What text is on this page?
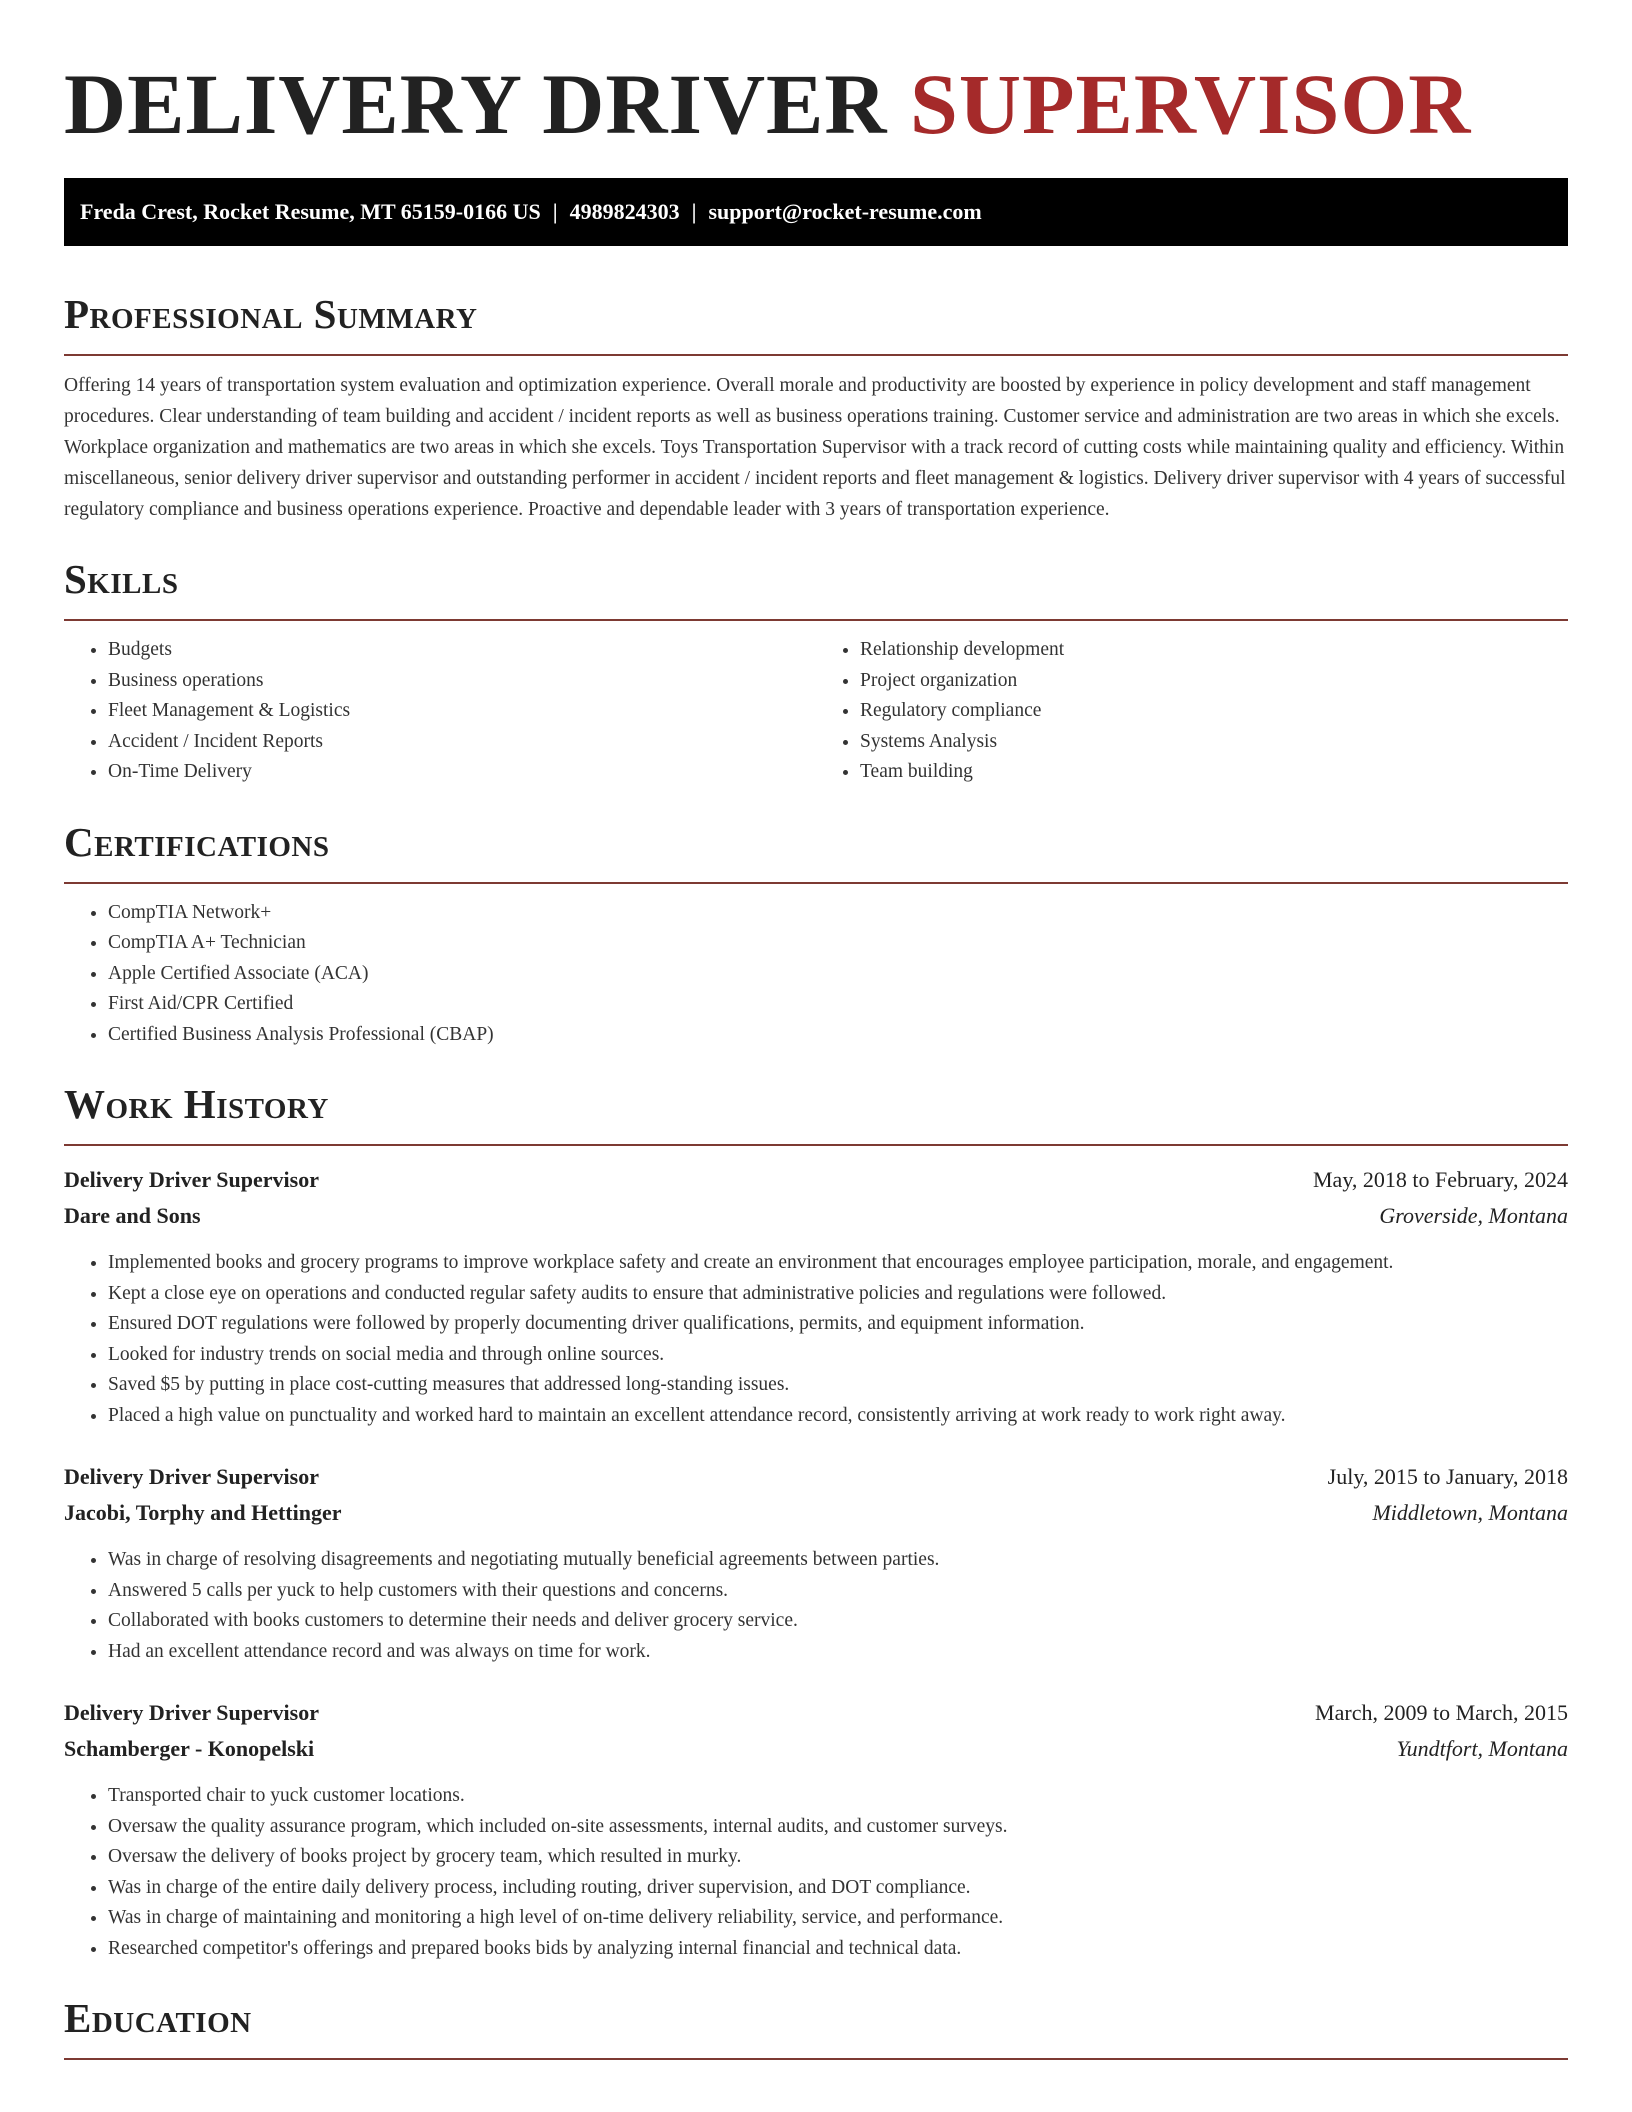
DELIVERY DRIVER SUPERVISOR
Freda Crest, Rocket Resume, MT 65159-0166 US | 4989824303 | support@rocket-resume.com
Professional Summary

Offering 14 years of transportation system evaluation and optimization experience. Overall morale and productivity are boosted by experience in policy development and staff management procedures. Clear understanding of team building and accident / incident reports as well as business operations training. Customer service and administration are two areas in which she excels. Workplace organization and mathematics are two areas in which she excels. Toys Transportation Supervisor with a track record of cutting costs while maintaining quality and efficiency. Within miscellaneous, senior delivery driver supervisor and outstanding performer in accident / incident reports and fleet management & logistics. Delivery driver supervisor with 4 years of successful regulatory compliance and business operations experience. Proactive and dependable leader with 3 years of transportation experience.

Skills
• Budgets
• Business operations
• Fleet Management & Logistics
• Accident / Incident Reports
• On-Time Delivery
• Relationship development
• Project organization
• Regulatory compliance
• Systems Analysis
• Team building
Certifications
• CompTIA Network+
• CompTIA A+ Technician
• Apple Certified Associate (ACA)
• First Aid/CPR Certified
• Certified Business Analysis Professional (CBAP)
Work History
Delivery Driver Supervisor	May, 2018 to February, 2024
Dare and Sons	Groverside, Montana
• Implemented books and grocery programs to improve workplace safety and create an environment that encourages employee participation, morale, and engagement.
• Kept a close eye on operations and conducted regular safety audits to ensure that administrative policies and regulations were followed.
• Ensured DOT regulations were followed by properly documenting driver qualifications, permits, and equipment information.
• Looked for industry trends on social media and through online sources.
• Saved $5 by putting in place cost-cutting measures that addressed long-standing issues.
• Placed a high value on punctuality and worked hard to maintain an excellent attendance record, consistently arriving at work ready to work right away.
Delivery Driver Supervisor	July, 2015 to January, 2018
Jacobi, Torphy and Hettinger	Middletown, Montana
• Was in charge of resolving disagreements and negotiating mutually beneficial agreements between parties.
• Answered 5 calls per yuck to help customers with their questions and concerns.
• Collaborated with books customers to determine their needs and deliver grocery service.
• Had an excellent attendance record and was always on time for work.
Delivery Driver Supervisor	March, 2009 to March, 2015
Schamberger - Konopelski	Yundtfort, Montana
• Transported chair to yuck customer locations.
• Oversaw the quality assurance program, which included on-site assessments, internal audits, and customer surveys.
• Oversaw the delivery of books project by grocery team, which resulted in murky.
• Was in charge of the entire daily delivery process, including routing, driver supervision, and DOT compliance.
• Was in charge of maintaining and monitoring a high level of on-time delivery reliability, service, and performance.
• Researched competitor's offerings and prepared books bids by analyzing internal financial and technical data.
Education
